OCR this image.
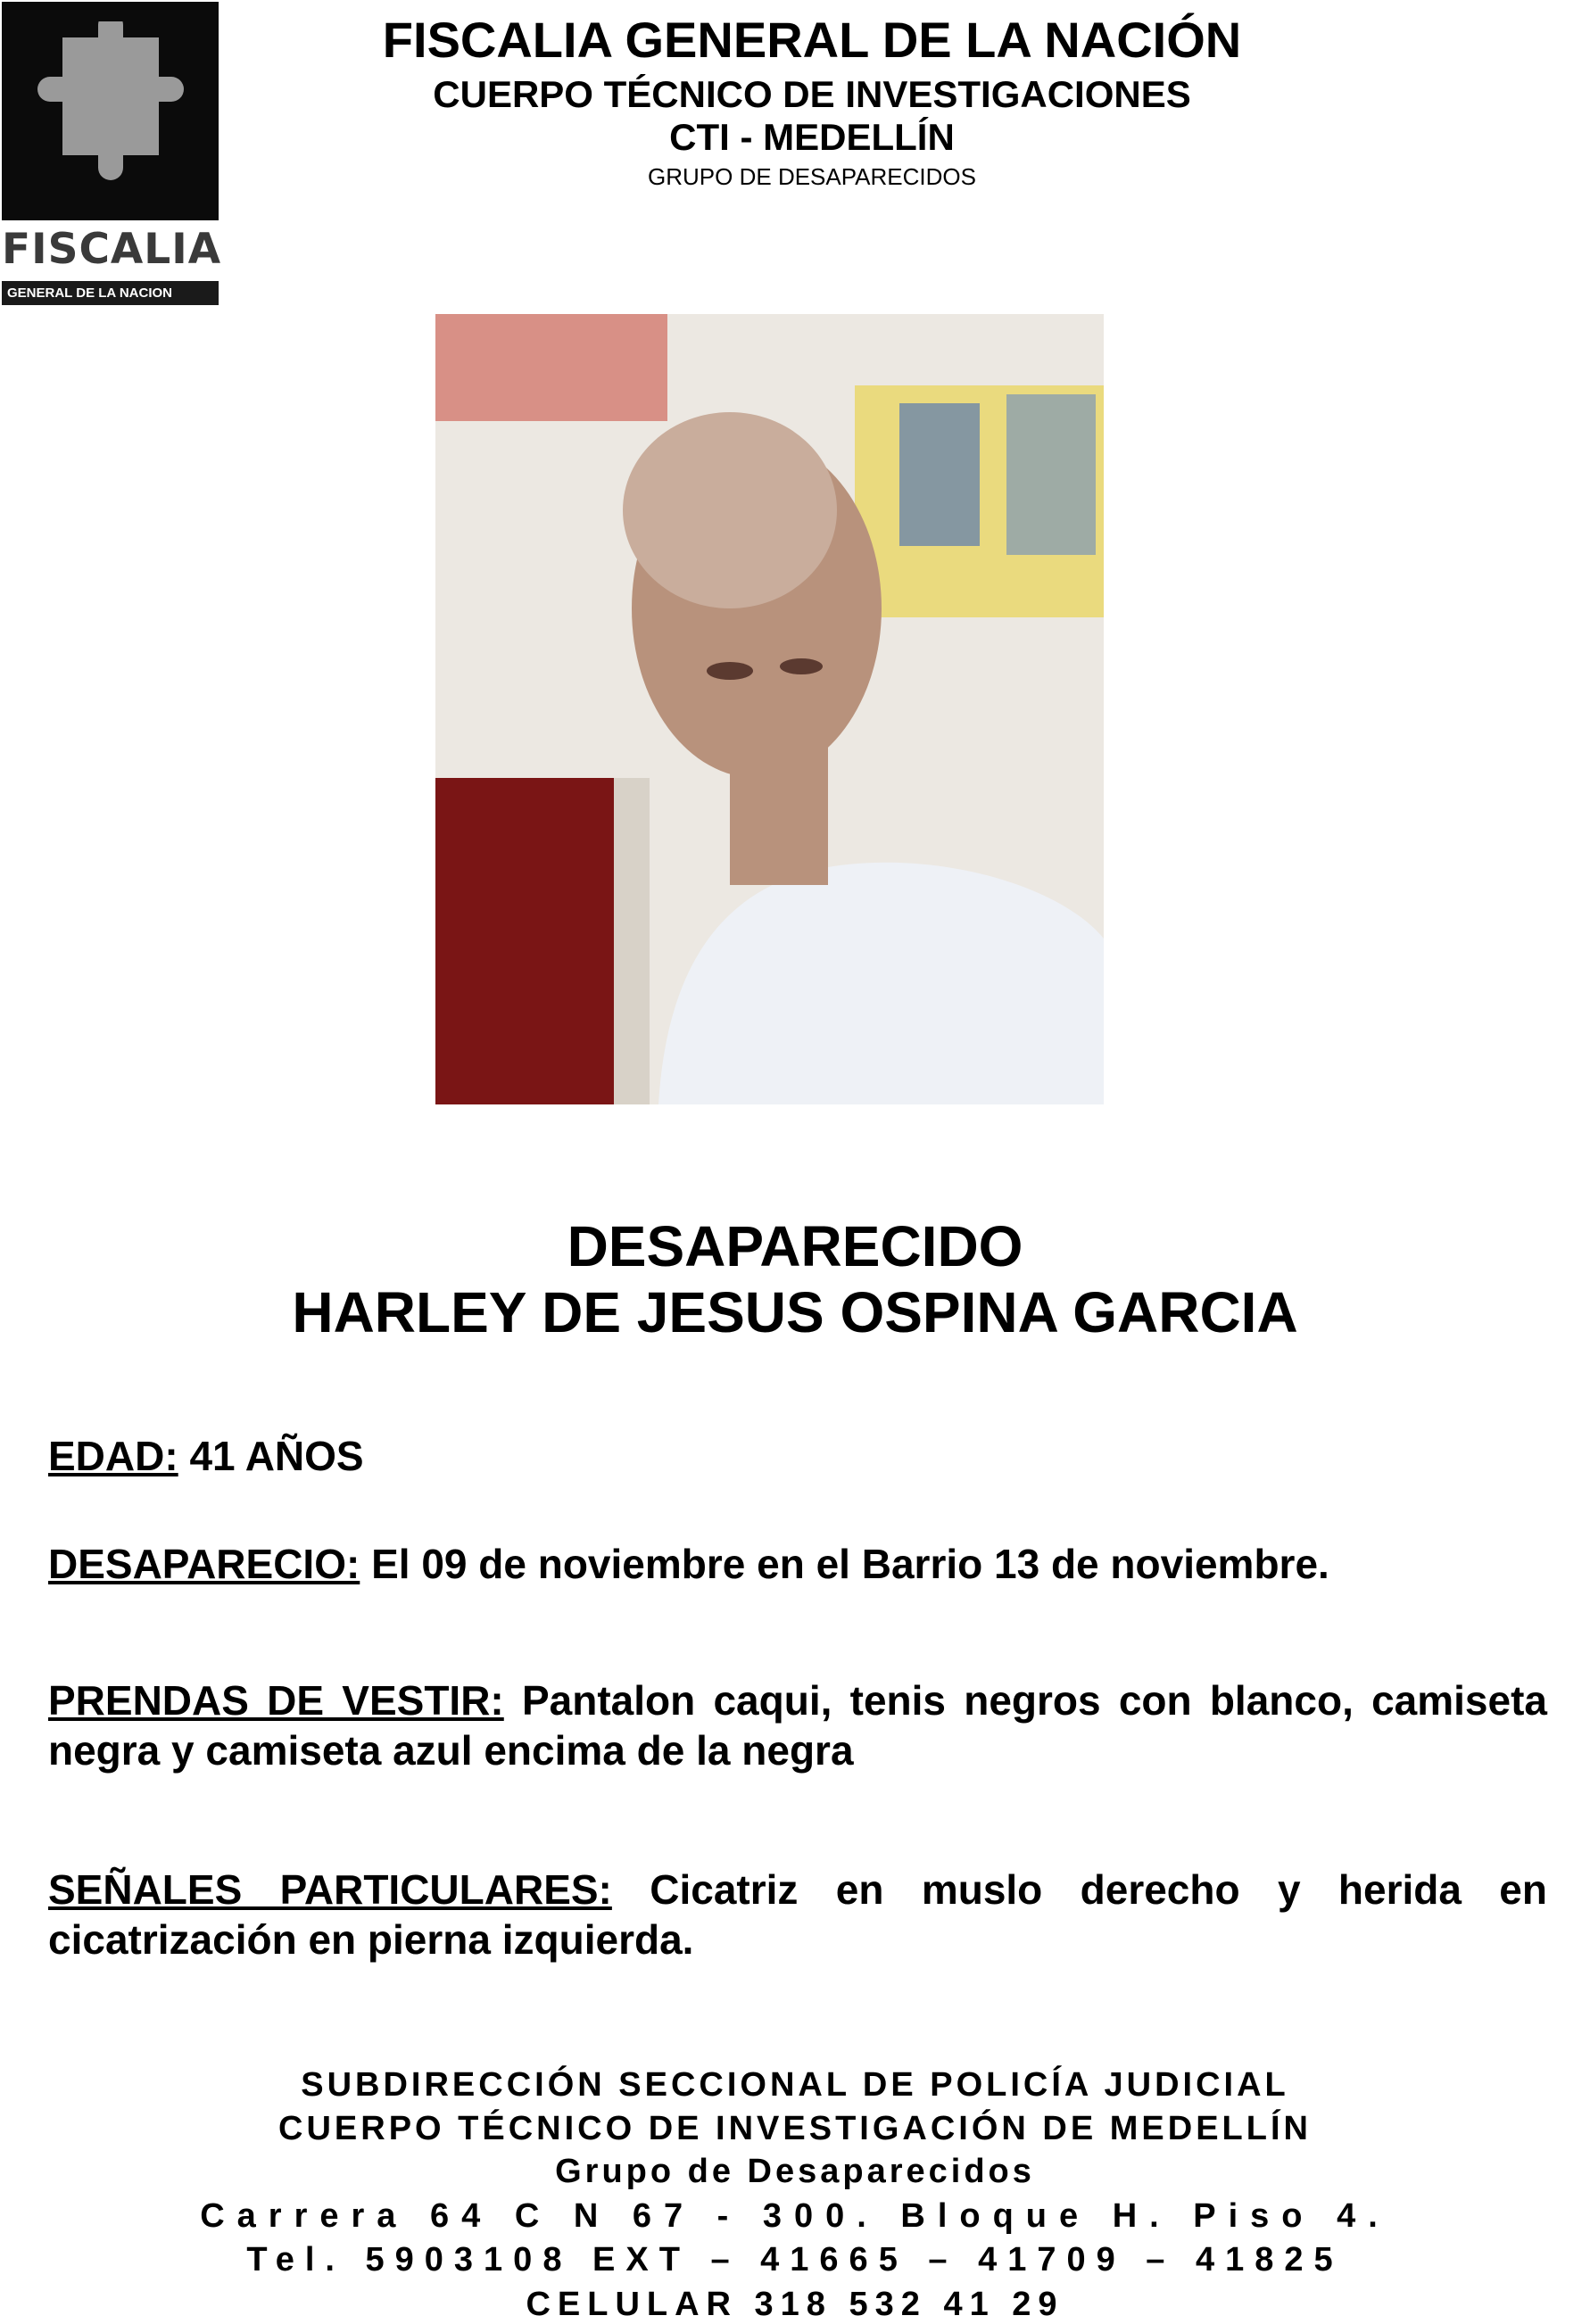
FISCALIA
GENERAL DE LA NACION
FISCALIA GENERAL DE LA NACIÓN
CUERPO TÉCNICO DE INVESTIGACIONES
CTI - MEDELLÍN
GRUPO DE DESAPARECIDOS
DESAPARECIDO
HARLEY DE JESUS OSPINA GARCIA
EDAD: 41 AÑOS
DESAPARECIO: El 09 de noviembre en el Barrio 13 de noviembre.
PRENDAS DE VESTIR: Pantalon caqui, tenis negros con blanco, camiseta negra y camiseta azul encima de la negra
SEÑALES PARTICULARES: Cicatriz en muslo derecho y herida en cicatrización en pierna izquierda.
SUBDIRECCIÓN SECCIONAL DE POLICÍA JUDICIAL
CUERPO TÉCNICO DE INVESTIGACIÓN DE MEDELLÍN
Grupo de Desaparecidos
Carrera 64 C N 67 - 300. Bloque H. Piso 4.
Tel. 5903108 EXT – 41665 – 41709 – 41825
CELULAR 318 532 41 29
